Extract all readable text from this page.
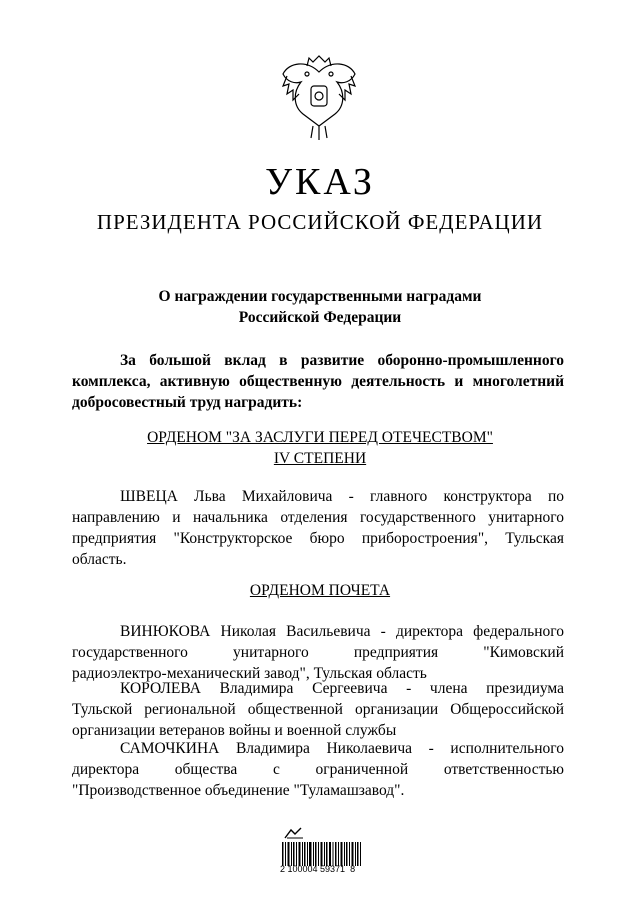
УКАЗ
ПРЕЗИДЕНТА РОССИЙСКОЙ ФЕДЕРАЦИИ
О награждении государственными наградами
Российской Федерации
За большой вклад в развитие оборонно-промышленного
комплекса, активную общественную деятельность и многолетний
добросовестный труд наградить:
ОРДЕНОМ "ЗА ЗАСЛУГИ ПЕРЕД ОТЕЧЕСТВОМ"
IV СТЕПЕНИ
ШВЕЦА Льва Михайловича - главного конструктора по
направлению и начальника отделения государственного унитарного
предприятия "Конструкторское бюро приборостроения", Тульская
область.
ОРДЕНОМ ПОЧЕТА
ВИНЮКОВА Николая Васильевича - директора федерального
государственного унитарного предприятия "Кимовский
радиоэлектро-механический завод", Тульская область
КОРОЛЕВА Владимира Сергеевича - члена президиума
Тульской региональной общественной организации Общероссийской
организации ветеранов войны и военной службы
САМОЧКИНА Владимира Николаевича - исполнительного
директора общества с ограниченной ответственностью
"Производственное объединение "Туламашзавод".
2 100004 59371  8
